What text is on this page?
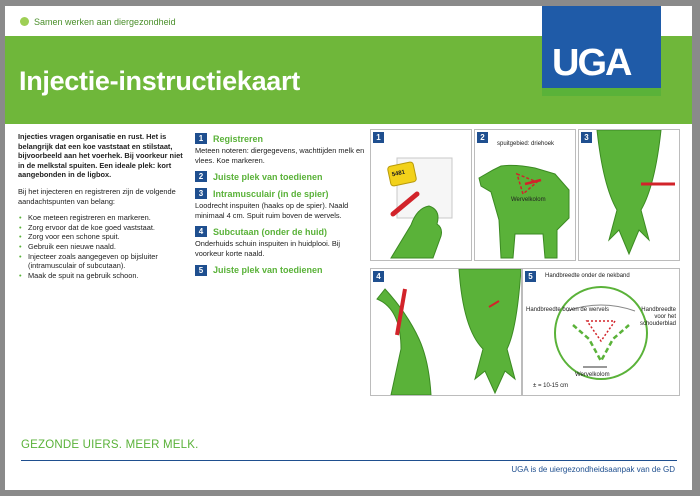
Samen werken aan diergezondheid
Injectie-instructiekaart	UGA

Injecties vragen organisatie en rust. Het is belangrijk dat een koe vaststaat en stilstaat, bijvoorbeeld aan het voerhek. Bij voorkeur niet in de melkstal spuiten. Een ideale plek: kort aangebonden in de ligbox.

Bij het injecteren en registreren zijn de volgende aandachtspunten van belang:

• Koe meteen registreren en markeren.
• Zorg ervoor dat de koe goed vaststaat.
• Zorg voor een schone spuit.
• Gebruik een nieuwe naald.
• Injecteer zoals aangegeven op bijsluiter (intramusculair of subcutaan).
• Maak de spuit na gebruik schoon.
1	Registreren
Meteen noteren: diergegevens, wachttijden melk en vlees. Koe markeren.
2	Juiste plek van toedienen
3	Intramusculair (in de spier)
Loodrecht inspuiten (haaks op de spier). Naald minimaal 4 cm. Spuit ruim boven de wervels.
4	Subcutaan (onder de huid)
Onderhuids schuin inspuiten in huidplooi. Bij voorkeur korte naald.
5	Juiste plek van toedienen
1
5481
2
spuitgebied: driehoek
Wervelkolom
3
4	5	Handbreedte onder de nekband
Handbreedte boven de wervels	Handbreedte voor het schouderblad
Wervelkolom
± = 10-15 cm
GEZONDE UIERS. MEER MELK.
UGA is de uiergezondheidsaanpak van de GD
